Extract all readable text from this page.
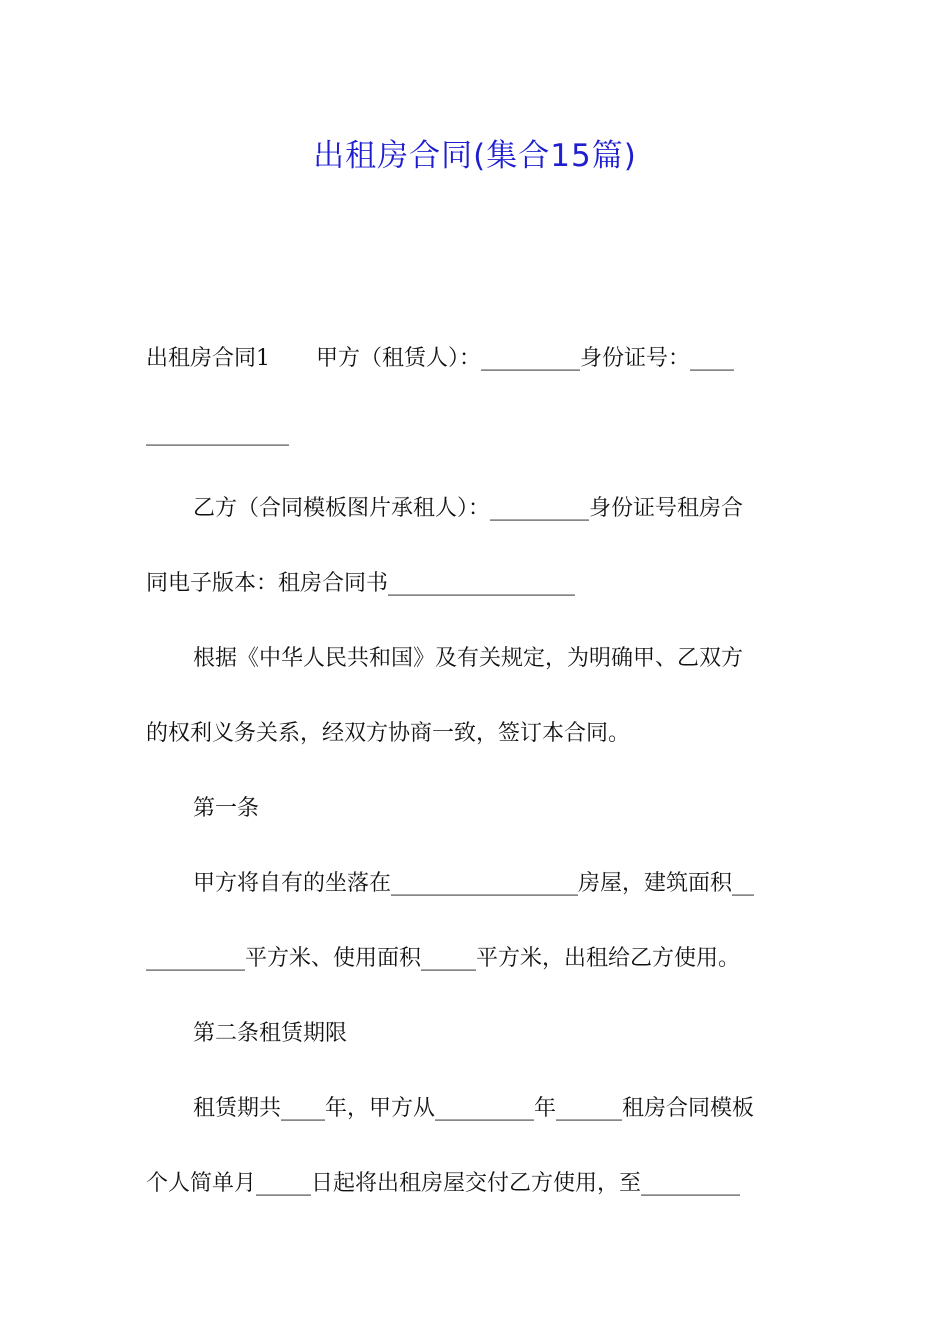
出租房合同(集合15篇)
出租房合同1 甲方（租赁人）：_________身份证号：____
_____________
乙方（合同模板图片承租人）：_________身份证号租房合
同电子版本：租房合同书_________________
根据《中华人民共和国》及有关规定，为明确甲、乙双方
的权利义务关系，经双方协商一致，签订本合同。
第一条
甲方将自有的坐落在_________________房屋，建筑面积__
_________平方米、使用面积_____平方米，出租给乙方使用。
第二条租赁期限
租赁期共____年，甲方从_________年______租房合同模板
个人简单月_____日起将出租房屋交付乙方使用，至_________
